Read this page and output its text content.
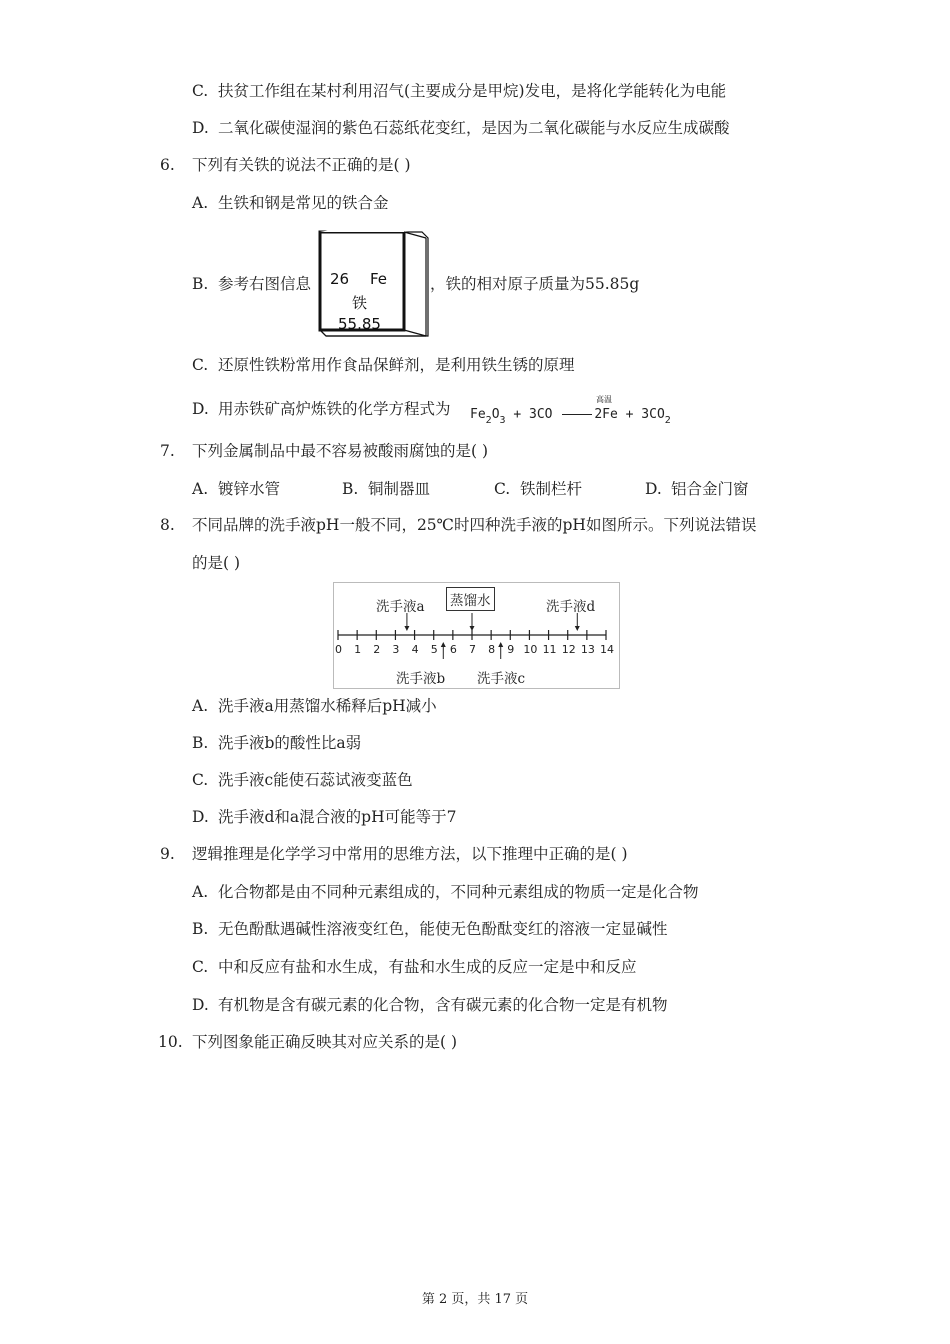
C. 扶贫工作组在某村利用沼气(主要成分是甲烷)发电，是将化学能转化为电能
D. 二氧化碳使湿润的紫色石蕊纸花变红，是因为二氧化碳能与水反应生成碳酸
6. 下列有关铁的说法不正确的是( )
A. 生铁和钢是常见的铁合金
B. 参考右图信息 26 Fe
铁
55.85
，铁的相对原子质量为55.85g
C. 还原性铁粉常用作食品保鲜剂，是利用铁生锈的原理
D. 用赤铁矿高炉炼铁的化学方程式为 $Fe_2O_3 + 3CO$	$2Fe + 3CO_2$
高温
7. 下列金属制品中最不容易被酸雨腐蚀的是( )
A. 镀锌水管	B. 铜制器皿	C. 铁制栏杆	D. 铝合金门窗
8. 不同品牌的洗手液pH一般不同，25℃时四种洗手液的pH如图所示。下列说法错误
的是( )
洗手液a 蒸馏水	洗手液d
洗手液b 洗手液c
0 1 2 3 4 5 6 7 8 9 10 11 12 13 14
A. 洗手液a用蒸馏水稀释后pH减小
B. 洗手液b的酸性比a弱
C. 洗手液c能使石蕊试液变蓝色
D. 洗手液d和a混合液的pH可能等于7
9. 逻辑推理是化学学习中常用的思维方法，以下推理中正确的是( )
A. 化合物都是由不同种元素组成的，不同种元素组成的物质一定是化合物
B. 无色酚酞遇碱性溶液变红色，能使无色酚酞变红的溶液一定显碱性
C. 中和反应有盐和水生成，有盐和水生成的反应一定是中和反应
D. 有机物是含有碳元素的化合物，含有碳元素的化合物一定是有机物
10. 下列图象能正确反映其对应关系的是( )
第 2 页，共 17 页
